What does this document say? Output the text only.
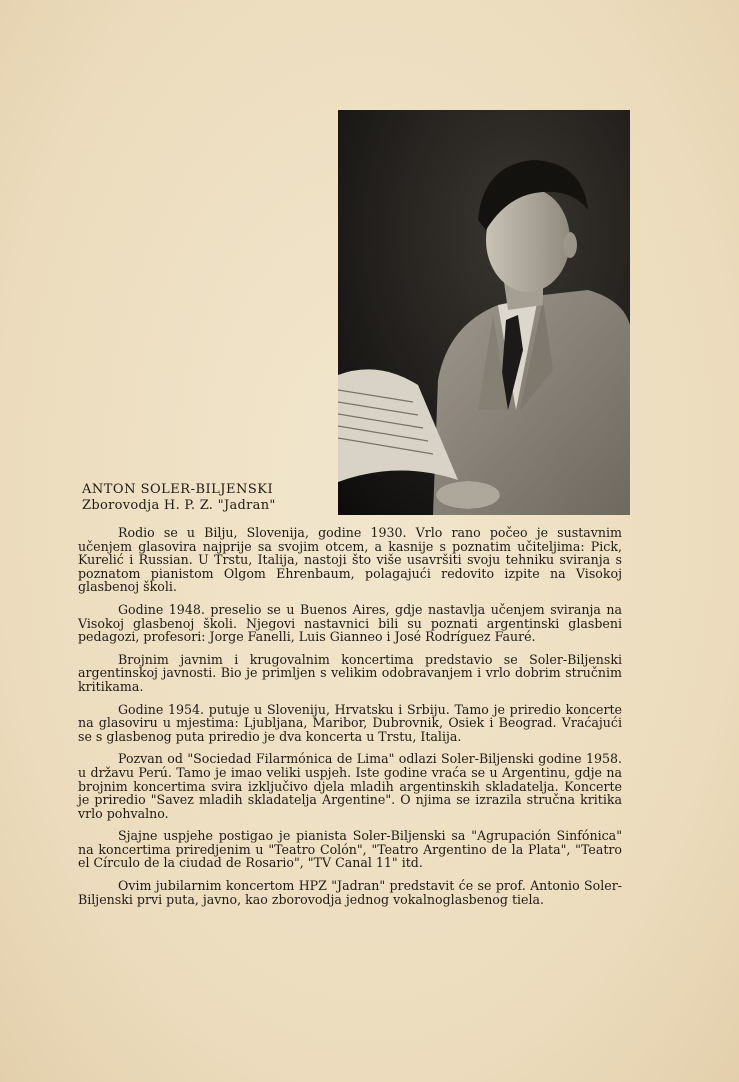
ANTON SOLER-BILJENSKI
Zborovodja H. P. Z. "Jadran"

Rodio se u Bilju, Slovenija, godine 1930. Vrlo rano počeo je sustavnim učenjem glasovira najprije sa svojim otcem, a kasnije s poznatim učiteljima: Pick, Kurelić i Russian. U Trstu, Italija, nastoji što više usavršiti svoju tehniku sviranja s poznatom pianistom Olgom Ehrenbaum, polagajući redovito izpite na Visokoj glasbenoj školi.

Godine 1948. preselio se u Buenos Aires, gdje nastavlja učenjem sviranja na Visokoj glasbenoj školi. Njegovi nastavnici bili su poznati argentinski glasbeni pedagozi, profesori: Jorge Fanelli, Luis Gianneo i José Rodríguez Fauré.

Brojnim javnim i krugovalnim koncertima predstavio se Soler-Biljenski argentinskoj javnosti. Bio je primljen s velikim odobravanjem i vrlo dobrim stručnim kritikama.

Godine 1954. putuje u Sloveniju, Hrvatsku i Srbiju. Tamo je priredio koncerte na glasoviru u mjestima: Ljubljana, Maribor, Dubrovnik, Osiek i Beograd. Vraćajući se s glasbenog puta priredio je dva koncerta u Trstu, Italija.

Pozvan od "Sociedad Filarmónica de Lima" odlazi Soler-Biljenski godine 1958. u državu Perú. Tamo je imao veliki uspjeh. Iste godine vraća se u Argentinu, gdje na brojnim koncertima svira izključivo djela mladih argentinskih skladatelja. Koncerte je priredio "Savez mladih skladatelja Argentine". O njima se izrazila stručna kritika vrlo pohvalno.

Sjajne uspjehe postigao je pianista Soler-Biljenski sa "Agrupación Sinfónica" na koncertima priredjenim u "Teatro Colón", "Teatro Argentino de la Plata", "Teatro el Círculo de la ciudad de Rosario", "TV Canal 11" itd.

Ovim jubilarnim koncertom HPZ "Jadran" predstavit će se prof. Antonio Soler-Biljenski prvi puta, javno, kao zborovodja jednog vokalnoglasbenog tiela.
